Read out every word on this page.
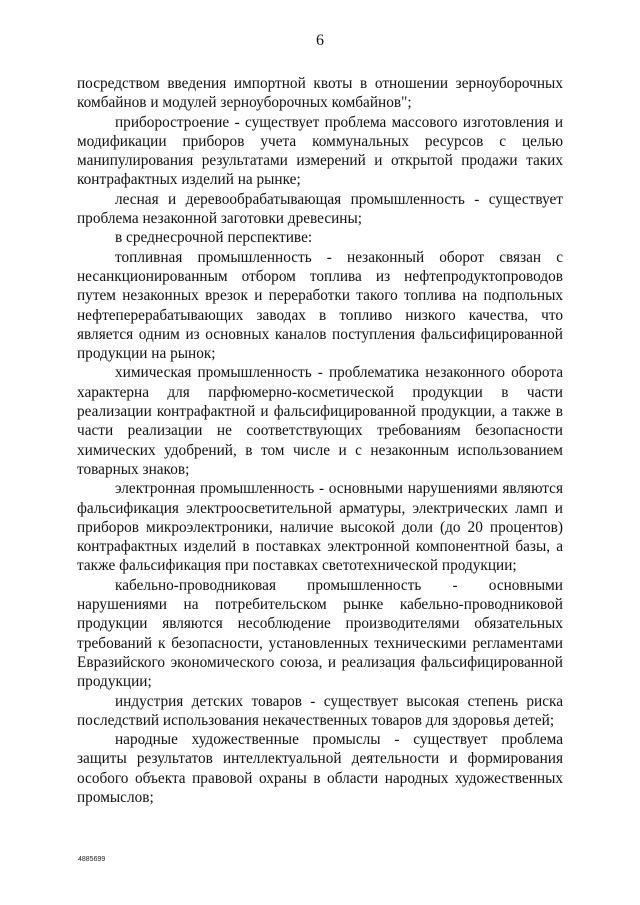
6

посредством введения импортной квоты в отношении зерноуборочных комбайнов и модулей зерноуборочных комбайнов";

приборостроение - существует проблема массового изготовления и модификации приборов учета коммунальных ресурсов с целью манипулирования результатами измерений и открытой продажи таких контрафактных изделий на рынке;

лесная и деревообрабатывающая промышленность - существует проблема незаконной заготовки древесины;

в среднесрочной перспективе:

топливная промышленность - незаконный оборот связан с несанкционированным отбором топлива из нефтепродуктопроводов путем незаконных врезок и переработки такого топлива на подпольных нефтеперерабатывающих заводах в топливо низкого качества, что является одним из основных каналов поступления фальсифицированной продукции на рынок;

химическая промышленность - проблематика незаконного оборота характерна для парфюмерно-косметической продукции в части реализации контрафактной и фальсифицированной продукции, а также в части реализации не соответствующих требованиям безопасности химических удобрений, в том числе и с незаконным использованием товарных знаков;

электронная промышленность - основными нарушениями являются фальсификация электроосветительной арматуры, электрических ламп и приборов микроэлектроники, наличие высокой доли (до 20 процентов) контрафактных изделий в поставках электронной компонентной базы, а также фальсификация при поставках светотехнической продукции;

кабельно-проводниковая промышленность - основными нарушениями на потребительском рынке кабельно-проводниковой продукции являются несоблюдение производителями обязательных требований к безопасности, установленных техническими регламентами Евразийского экономического союза, и реализация фальсифицированной продукции;

индустрия детских товаров - существует высокая степень риска последствий использования некачественных товаров для здоровья детей;

народные художественные промыслы - существует проблема защиты результатов интеллектуальной деятельности и формирования особого объекта правовой охраны в области народных художественных промыслов;

4885699
